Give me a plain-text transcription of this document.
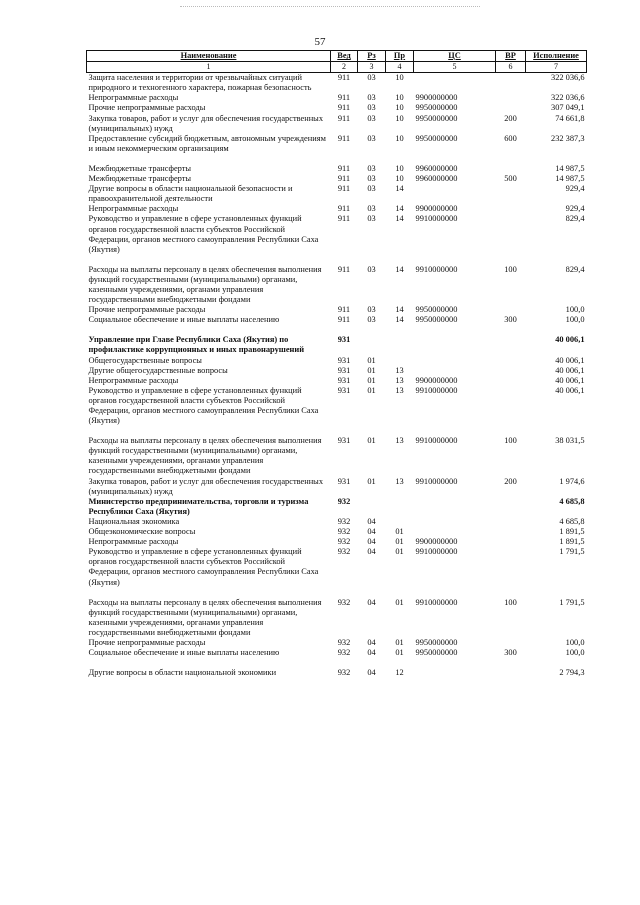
57
Наименование	Вед	Рз	Пр	ЦС	ВР	Исполнение
1	2	3	4	5	6	7
Защита населения и территории от чрезвычайных ситуаций природного и техногенного характера, пожарная безопасность	911	03	10			322 036,6
Непрограммные расходы	911	03	10	9900000000		322 036,6
Прочие непрограммные расходы	911	03	10	9950000000		307 049,1
Закупка товаров, работ и услуг для обеспечения государственных (муниципальных) нужд	911	03	10	9950000000	200	74 661,8
Предоставление субсидий бюджетным, автономным учреждениям и иным некоммерческим организациям	911	03	10	9950000000	600	232 387,3

Межбюджетные трансферты	911	03	10	9960000000		14 987,5
Межбюджетные трансферты	911	03	10	9960000000	500	14 987,5
Другие вопросы в области национальной безопасности и правоохранительной деятельности	911	03	14			929,4
Непрограммные расходы	911	03	14	9900000000		929,4
Руководство и управление в сфере установленных функций органов государственной власти субъектов Российской Федерации, органов местного самоуправления Республики Саха (Якутия)	911	03	14	9910000000		829,4

Расходы на выплаты персоналу в целях обеспечения выполнения функций государственными (муниципальными) органами, казенными учреждениями, органами управления государственными внебюджетными фондами	911	03	14	9910000000	100	829,4
Прочие непрограммные расходы	911	03	14	9950000000		100,0
Социальное обеспечение и иные выплаты населению	911	03	14	9950000000	300	100,0

Управление при Главе Республики Саха (Якутия) по профилактике коррупционных и иных правонарушений	931					40 006,1
Общегосударственные вопросы	931	01				40 006,1
Другие общегосударственные вопросы	931	01	13			40 006,1
Непрограммные расходы	931	01	13	9900000000		40 006,1
Руководство и управление в сфере установленных функций органов государственной власти субъектов Российской Федерации, органов местного самоуправления Республики Саха (Якутия)	931	01	13	9910000000		40 006,1

Расходы на выплаты персоналу в целях обеспечения выполнения функций государственными (муниципальными) органами, казенными учреждениями, органами управления государственными внебюджетными фондами	931	01	13	9910000000	100	38 031,5
Закупка товаров, работ и услуг для обеспечения государственных (муниципальных) нужд	931	01	13	9910000000	200	1 974,6
Министерство предпринимательства, торговли и туризма Республики Саха (Якутия)	932					4 685,8
Национальная экономика	932	04				4 685,8
Общеэкономические вопросы	932	04	01			1 891,5
Непрограммные расходы	932	04	01	9900000000		1 891,5
Руководство и управление в сфере установленных функций органов государственной власти субъектов Российской Федерации, органов местного самоуправления Республики Саха (Якутия)	932	04	01	9910000000		1 791,5

Расходы на выплаты персоналу в целях обеспечения выполнения функций государственными (муниципальными) органами, казенными учреждениями, органами управления государственными внебюджетными фондами	932	04	01	9910000000	100	1 791,5
Прочие непрограммные расходы	932	04	01	9950000000		100,0
Социальное обеспечение и иные выплаты населению	932	04	01	9950000000	300	100,0

Другие вопросы в области национальной экономики	932	04	12			2 794,3
